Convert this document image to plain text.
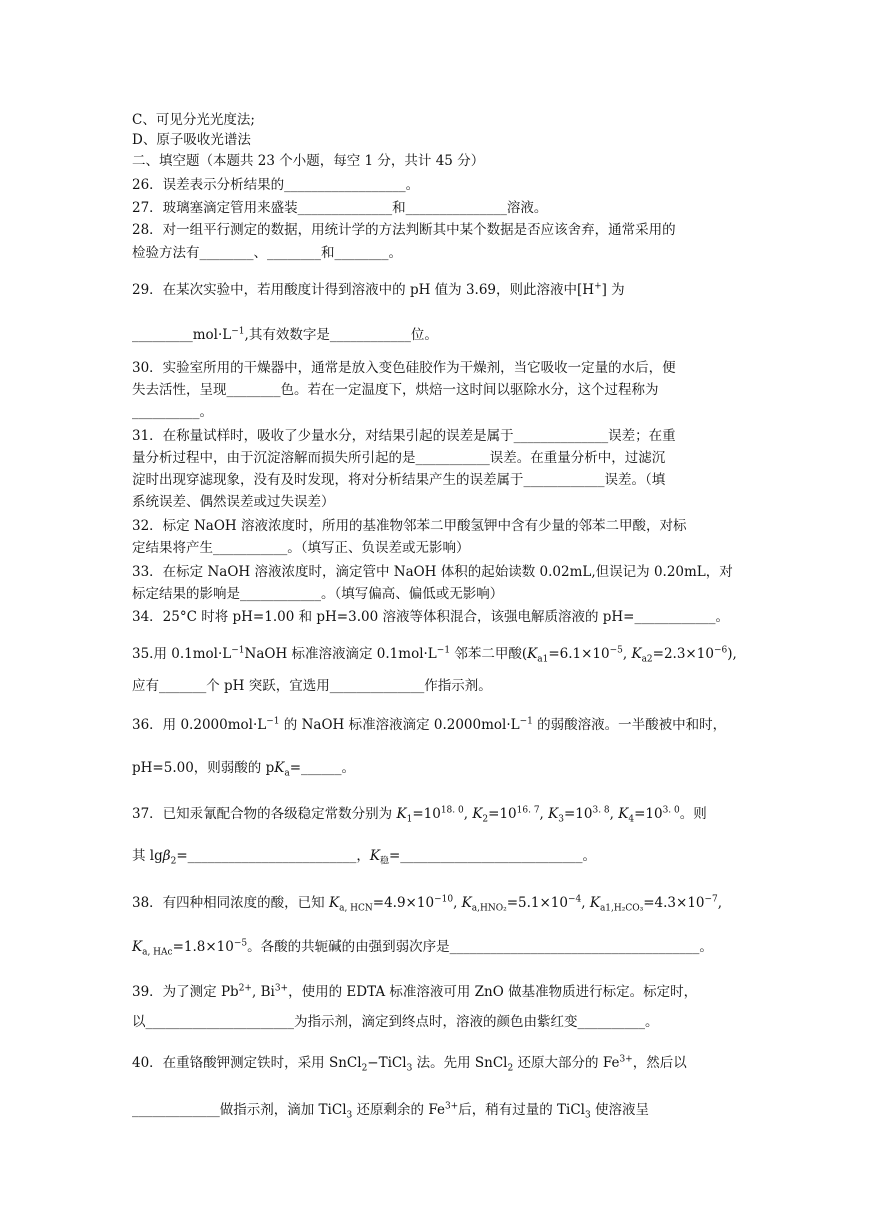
C、可见分光光度法;
D、原子吸收光谱法
二、填空题（本题共 23 个小题，每空 1 分，共计 45 分）
26．误差表示分析结果的__________________。
27．玻璃塞滴定管用来盛装______________和_______________溶液。
28．对一组平行测定的数据，用统计学的方法判断其中某个数据是否应该舍弃，通常采用的
检验方法有________、________和________。
29．在某次实验中，若用酸度计得到溶液中的 pH 值为 3.69，则此溶液中[H+] 为
$\_\_\_\_\_\_\_\_\_mol\cdot L^{-1}$,其有效数字是____________位。
30．实验室所用的干燥器中，通常是放入变色硅胶作为干燥剂，当它吸收一定量的水后，便
失去活性，呈现________色。若在一定温度下，烘焙一这时间以驱除水分，这个过程称为
__________。
31．在称量试样时，吸收了少量水分，对结果引起的误差是属于______________误差；在重
量分析过程中，由于沉淀溶解而损失所引起的是___________误差。在重量分析中，过滤沉
淀时出现穿滤现象，没有及时发现，将对分析结果产生的误差属于____________误差。（填
系统误差、偶然误差或过失误差）
32．标定 NaOH 溶液浓度时，所用的基准物邻苯二甲酸氢钾中含有少量的邻苯二甲酸，对标
定结果将产生___________。（填写正、负误差或无影响）
33．在标定 NaOH 溶液浓度时，滴定管中 NaOH 体积的起始读数 0.02mL,但误记为 0.20mL，对
标定结果的影响是____________。（填写偏高、偏低或无影响）
34．25°C 时将 pH=1.00 和 pH=3.00 溶液等体积混合，该强电解质溶液的 pH=____________。
35.用 $0.1mol\cdot L^{-1}NaOH$ 标准溶液滴定 $0.1mol\cdot L^{-1}$ 邻苯二甲酸($K_{a1}=6.1\times 10^{-5}$, $K_{a2}=2.3\times 10^{-6}$),
应有_______个 pH 突跃，宜选用______________作指示剂。
36．用 $0.2000mol\cdot L^{-1}$ 的 NaOH 标准溶液滴定 $0.2000mol\cdot L^{-1}$ 的弱酸溶液。一半酸被中和时，
pH=5.00，则弱酸的 $pK_a=\_\_\_\_\_\_$。
37．已知汞氰配合物的各级稳定常数分别为 $K_1=10^{18. 0}$, $K_2=10^{16. 7}$, $K_3=10^{3. 8}$, $K_4=10^{3. 0}$。则
其 lgβ$_2$=_________________________，$K_稳=\_\_\_\_\_\_\_\_\_\_\_\_\_\_\_\_\_\_\_\_\_\_\_\_\_\_\_$。
38．有四种相同浓度的酸，已知 $K_{a, HCN}=4.9\times 10^{-10}$, $K_{a,HNO_2}=5.1\times 10^{-4}$, $K_{a1,H_2CO_3}=4.3\times 10^{-7}$,
$K_{a, HAc}=1.8\times 10^{-5}$。各酸的共轭碱的由强到弱次序是_____________________________________。
39．为了测定 $Pb^{2+}$, $Bi^{3+}$，使用的 EDTA 标准溶液可用 ZnO 做基准物质进行标定。标定时，
以______________________为指示剂，滴定到终点时，溶液的颜色由紫红变__________。
40．在重铬酸钾测定铁时，采用 SnCl$_2$−TiCl$_3$ 法。先用 SnCl$_2$ 还原大部分的 $Fe^{3+}$，然后以
_____________做指示剂，滴加 TiCl$_3$ 还原剩余的 $Fe^{3+}$后，稍有过量的 TiCl$_3$ 使溶液呈
